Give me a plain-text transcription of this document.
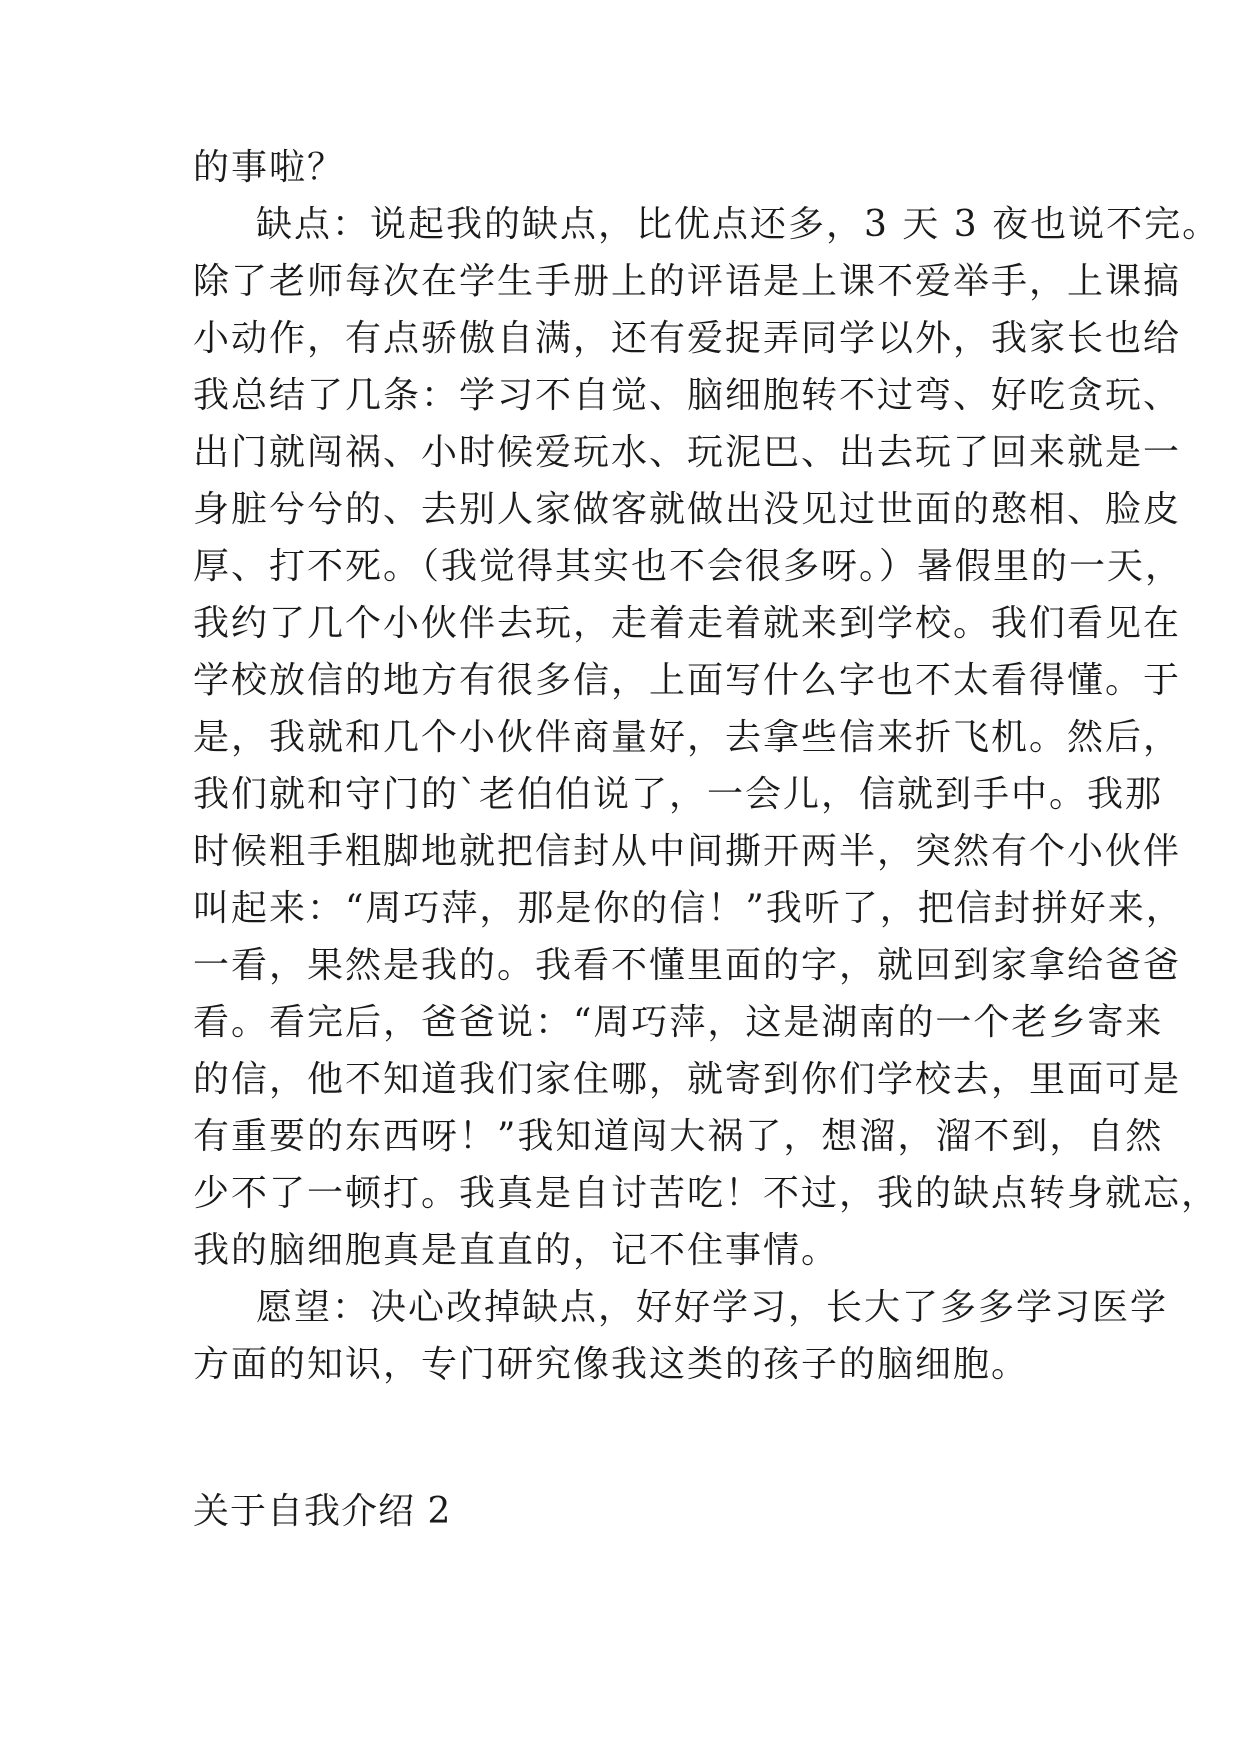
的事啦？

缺点：说起我的缺点，比优点还多，3 天 3 夜也说不完。

除了老师每次在学生手册上的评语是上课不爱举手，上课搞

小动作，有点骄傲自满，还有爱捉弄同学以外，我家长也给

我总结了几条：学习不自觉、脑细胞转不过弯、好吃贪玩、

出门就闯祸、小时候爱玩水、玩泥巴、出去玩了回来就是一

身脏兮兮的、去别人家做客就做出没见过世面的憨相、脸皮

厚、打不死。（我觉得其实也不会很多呀。）暑假里的一天，

我约了几个小伙伴去玩，走着走着就来到学校。我们看见在

学校放信的地方有很多信，上面写什么字也不太看得懂。于

是，我就和几个小伙伴商量好，去拿些信来折飞机。然后，

我们就和守门的`老伯伯说了，一会儿，信就到手中。我那

时候粗手粗脚地就把信封从中间撕开两半，突然有个小伙伴

叫起来：“周巧萍，那是你的信！”我听了，把信封拼好来，

一看，果然是我的。我看不懂里面的字，就回到家拿给爸爸

看。看完后，爸爸说：“周巧萍，这是湖南的一个老乡寄来

的信，他不知道我们家住哪，就寄到你们学校去，里面可是

有重要的东西呀！”我知道闯大祸了，想溜，溜不到，自然

少不了一顿打。我真是自讨苦吃！不过，我的缺点转身就忘，

我的脑细胞真是直直的，记不住事情。

愿望：决心改掉缺点，好好学习，长大了多多学习医学

方面的知识，专门研究像我这类的孩子的脑细胞。

关于自我介绍 2
